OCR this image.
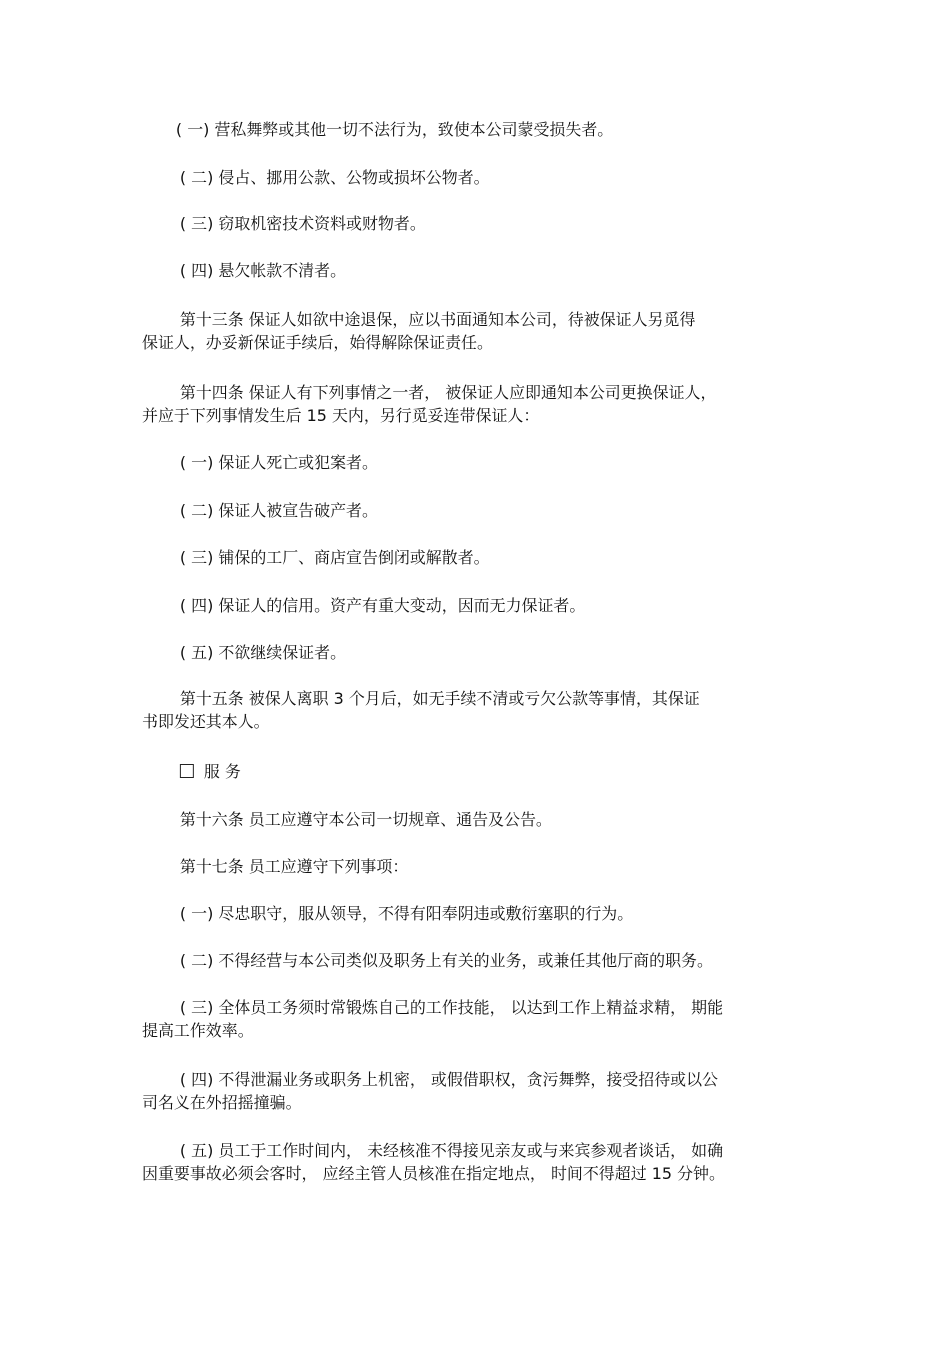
( 一) 营私舞弊或其他一切不法行为，致使本公司蒙受损失者。
( 二) 侵占、挪用公款、公物或损坏公物者。
( 三) 窃取机密技术资料或财物者。
( 四) 悬欠帐款不清者。
第十三条 保证人如欲中途退保，应以书面通知本公司，待被保证人另觅得
保证人，办妥新保证手续后，始得解除保证责任。
第十四条 保证人有下列事情之一者， 被保证人应即通知本公司更换保证人，
并应于下列事情发生后 15 天内，另行觅妥连带保证人：
( 一) 保证人死亡或犯案者。
( 二) 保证人被宣告破产者。
( 三) 铺保的工厂、商店宣告倒闭或解散者。
( 四) 保证人的信用。资产有重大变动，因而无力保证者。
( 五) 不欲继续保证者。
第十五条 被保人离职 3 个月后，如无手续不清或亏欠公款等事情，其保证
书即发还其本人。
服 务
第十六条 员工应遵守本公司一切规章、通告及公告。
第十七条 员工应遵守下列事项：
( 一) 尽忠职守，服从领导，不得有阳奉阴违或敷衍塞职的行为。
( 二) 不得经营与本公司类似及职务上有关的业务，或兼任其他厅商的职务。
( 三) 全体员工务须时常锻炼自己的工作技能， 以达到工作上精益求精， 期能
提高工作效率。
( 四) 不得泄漏业务或职务上机密， 或假借职权，贪污舞弊，接受招待或以公
司名义在外招摇撞骗。
( 五) 员工于工作时间内， 未经核准不得接见亲友或与来宾参观者谈话， 如确
因重要事故必须会客时， 应经主管人员核准在指定地点， 时间不得超过 15 分钟。
